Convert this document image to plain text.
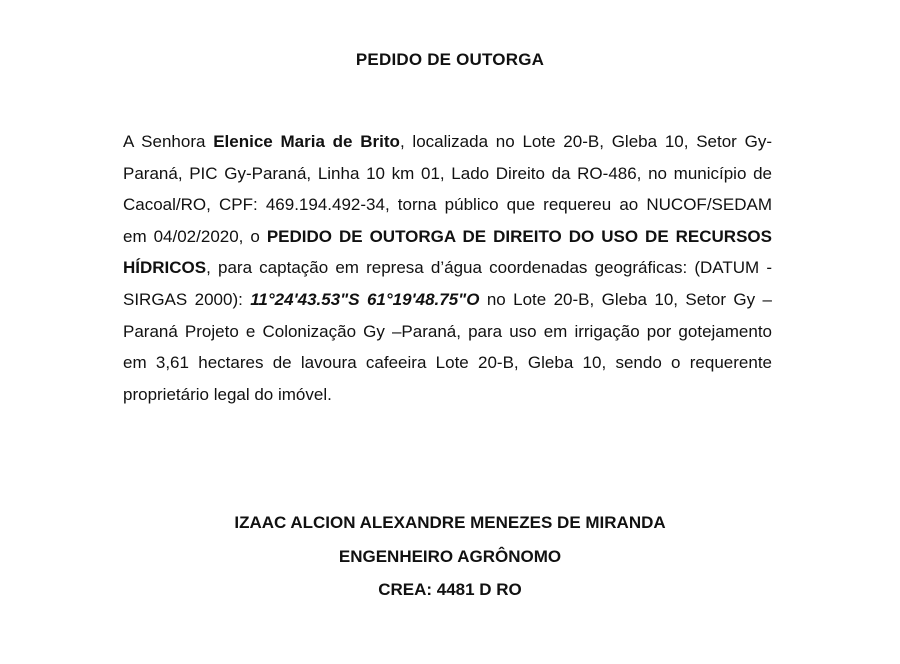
PEDIDO DE OUTORGA

A Senhora Elenice Maria de Brito, localizada no Lote 20-B, Gleba 10, Setor Gy-Paraná, PIC Gy-Paraná, Linha 10 km 01, Lado Direito da RO-486, no município de Cacoal/RO, CPF: 469.194.492-34, torna público que requereu ao NUCOF/SEDAM em 04/02/2020, o PEDIDO DE OUTORGA DE DIREITO DO USO DE RECURSOS HÍDRICOS, para captação em represa d’água coordenadas geográficas: (DATUM - SIRGAS 2000): 11°24'43.53"S 61°19'48.75"O no Lote 20-B, Gleba 10, Setor Gy – Paraná Projeto e Colonização Gy –Paraná, para uso em irrigação por gotejamento em 3,61 hectares de lavoura cafeeira Lote 20-B, Gleba 10, sendo o requerente proprietário legal do imóvel.

IZAAC ALCION ALEXANDRE MENEZES DE MIRANDA
ENGENHEIRO AGRÔNOMO
CREA: 4481 D RO
